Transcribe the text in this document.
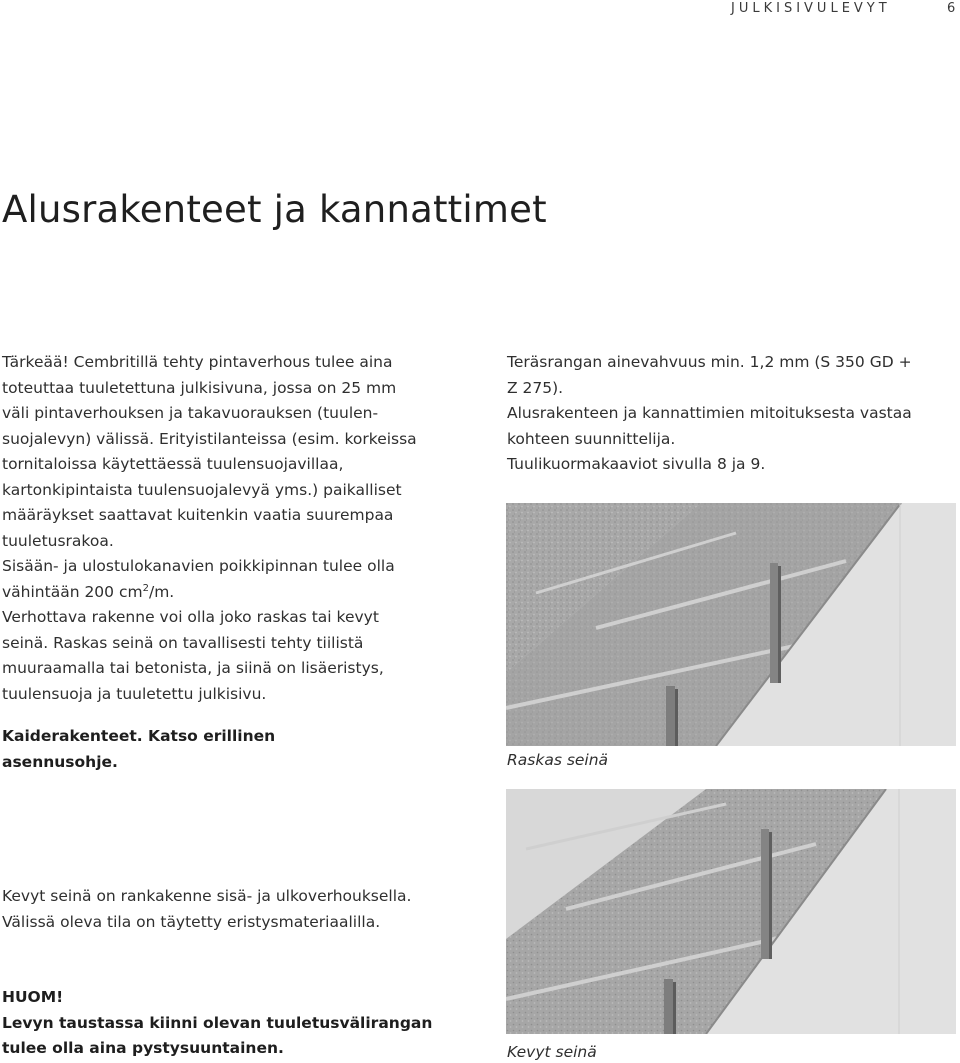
JULKISIVULEVYT	6
Alusrakenteet ja kannattimet
Tärkeää! Cembritillä tehty pintaverhous tulee aina
toteuttaa tuuletettuna julkisivuna, jossa on 25 mm
väli pintaverhouksen ja takavuorauksen (tuulen-
suojalevyn) välissä. Erityistilanteissa (esim. korkeissa
tornitaloissa käytettäessä tuulensuojavillaa,
kartonkipintaista tuulensuojalevyä yms.) paikalliset
määräykset saattavat kuitenkin vaatia suurempaa
tuuletusrakoa.
Sisään- ja ulostulokanavien poikkipinnan tulee olla
vähintään 200 $cm^2/m$.
Verhottava rakenne voi olla joko raskas tai kevyt
seinä. Raskas seinä on tavallisesti tehty tiilistä
muuraamalla tai betonista, ja siinä on lisäeristys,
tuulensuoja ja tuuletettu julkisivu.
Kaiderakenteet. Katso erillinen
asennusohje.
Kevyt seinä on rankakenne sisä- ja ulkoverhouksella.
Välissä oleva tila on täytetty eristysmateriaalilla.
HUOM!
Levyn taustassa kiinni olevan tuuletusvälirangan
tulee olla aina pystysuuntainen.
Teräsrangan ainevahvuus min. 1,2 mm (S 350 GD +
Z 275).
Alusrakenteen ja kannattimien mitoituksesta vastaa
kohteen suunnittelija.
Tuulikuormakaaviot sivulla 8 ja 9.
Raskas seinä
Kevyt seinä
